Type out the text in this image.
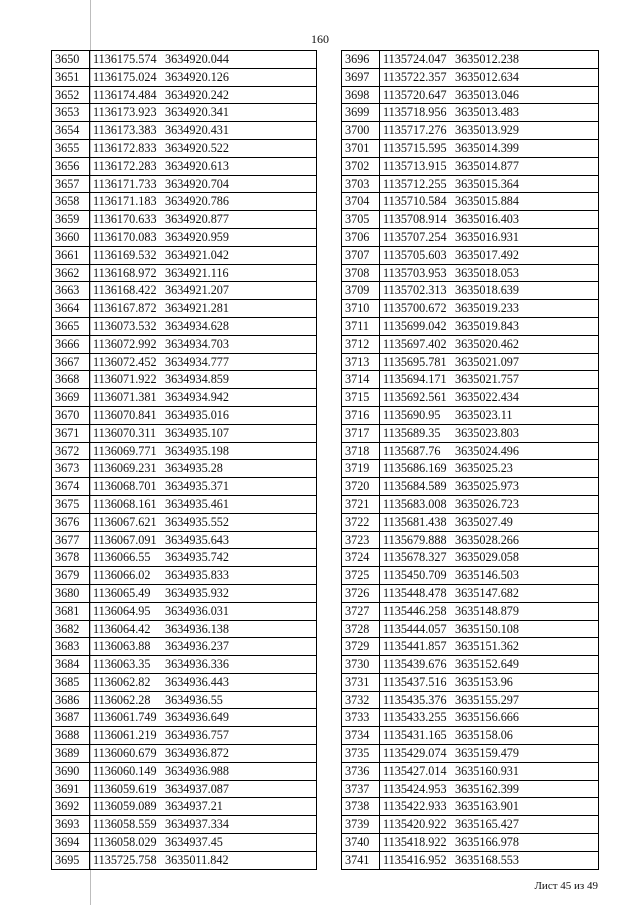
160
3650	1136175.574 3634920.044
3651	1136175.024 3634920.126
3652	1136174.484 3634920.242
3653	1136173.923 3634920.341
3654	1136173.383 3634920.431
3655	1136172.833 3634920.522
3656	1136172.283 3634920.613
3657	1136171.733 3634920.704
3658	1136171.183 3634920.786
3659	1136170.633 3634920.877
3660	1136170.083 3634920.959
3661	1136169.532 3634921.042
3662	1136168.972 3634921.116
3663	1136168.422 3634921.207
3664	1136167.872 3634921.281
3665	1136073.532 3634934.628
3666	1136072.992 3634934.703
3667	1136072.452 3634934.777
3668	1136071.922 3634934.859
3669	1136071.381 3634934.942
3670	1136070.841 3634935.016
3671	1136070.311 3634935.107
3672	1136069.771 3634935.198
3673	1136069.231 3634935.28
3674	1136068.701 3634935.371
3675	1136068.161 3634935.461
3676	1136067.621 3634935.552
3677	1136067.091 3634935.643
3678	1136066.55 3634935.742
3679	1136066.02 3634935.833
3680	1136065.49 3634935.932
3681	1136064.95 3634936.031
3682	1136064.42 3634936.138
3683	1136063.88 3634936.237
3684	1136063.35 3634936.336
3685	1136062.82 3634936.443
3686	1136062.28 3634936.55
3687	1136061.749 3634936.649
3688	1136061.219 3634936.757
3689	1136060.679 3634936.872
3690	1136060.149 3634936.988
3691	1136059.619 3634937.087
3692	1136059.089 3634937.21
3693	1136058.559 3634937.334
3694	1136058.029 3634937.45
3695	1135725.758 3635011.842
3696	1135724.047 3635012.238
3697	1135722.357 3635012.634
3698	1135720.647 3635013.046
3699	1135718.956 3635013.483
3700	1135717.276 3635013.929
3701	1135715.595 3635014.399
3702	1135713.915 3635014.877
3703	1135712.255 3635015.364
3704	1135710.584 3635015.884
3705	1135708.914 3635016.403
3706	1135707.254 3635016.931
3707	1135705.603 3635017.492
3708	1135703.953 3635018.053
3709	1135702.313 3635018.639
3710	1135700.672 3635019.233
3711	1135699.042 3635019.843
3712	1135697.402 3635020.462
3713	1135695.781 3635021.097
3714	1135694.171 3635021.757
3715	1135692.561 3635022.434
3716	1135690.95 3635023.11
3717	1135689.35 3635023.803
3718	1135687.76 3635024.496
3719	1135686.169 3635025.23
3720	1135684.589 3635025.973
3721	1135683.008 3635026.723
3722	1135681.438 3635027.49
3723	1135679.888 3635028.266
3724	1135678.327 3635029.058
3725	1135450.709 3635146.503
3726	1135448.478 3635147.682
3727	1135446.258 3635148.879
3728	1135444.057 3635150.108
3729	1135441.857 3635151.362
3730	1135439.676 3635152.649
3731	1135437.516 3635153.96
3732	1135435.376 3635155.297
3733	1135433.255 3635156.666
3734	1135431.165 3635158.06
3735	1135429.074 3635159.479
3736	1135427.014 3635160.931
3737	1135424.953 3635162.399
3738	1135422.933 3635163.901
3739	1135420.922 3635165.427
3740	1135418.922 3635166.978
3741	1135416.952 3635168.553
Лист 45 из 49
